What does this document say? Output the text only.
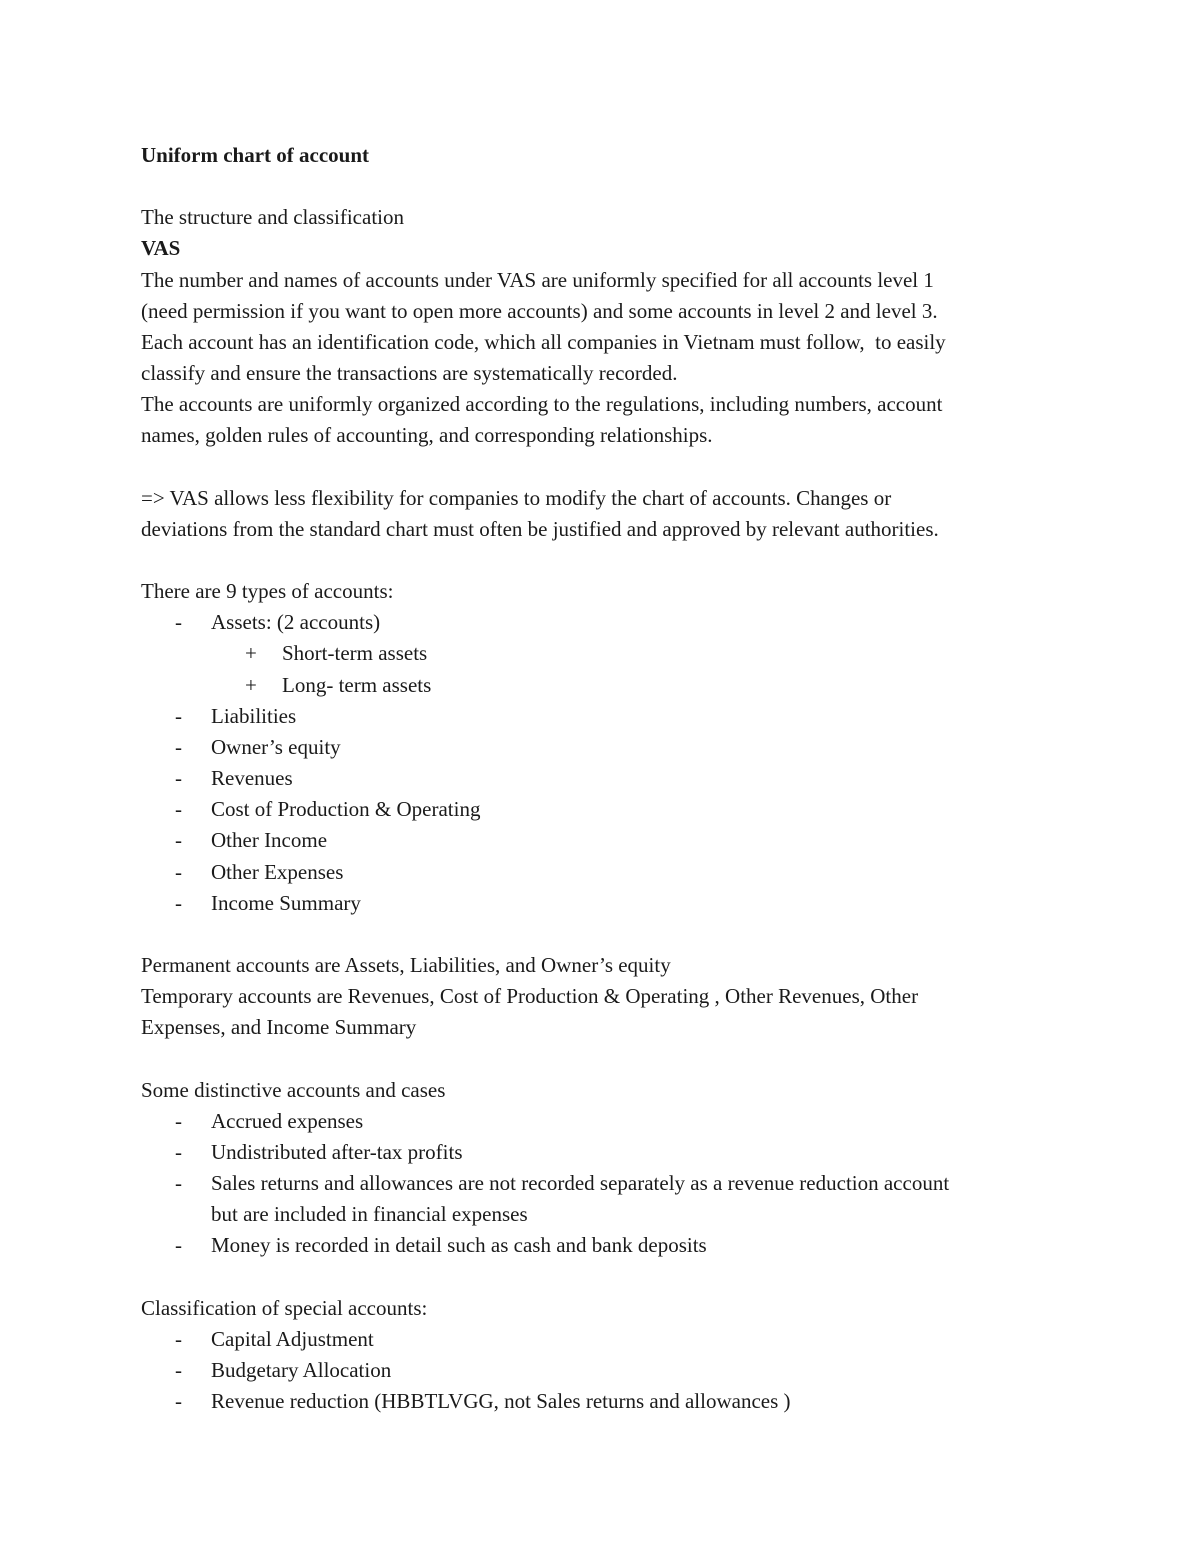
Uniform chart of account
The structure and classification
VAS
The number and names of accounts under VAS are uniformly specified for all accounts level 1
(need permission if you want to open more accounts) and some accounts in level 2 and level 3.
Each account has an identification code, which all companies in Vietnam must follow,  to easily
classify and ensure the transactions are systematically recorded.
The accounts are uniformly organized according to the regulations, including numbers, account
names, golden rules of accounting, and corresponding relationships.
=> VAS allows less flexibility for companies to modify the chart of accounts. Changes or
deviations from the standard chart must often be justified and approved by relevant authorities.
There are 9 types of accounts:
- Assets: (2 accounts)
+ Short-term assets
+ Long- term assets
- Liabilities
- Owner’s equity
- Revenues
- Cost of Production & Operating
- Other Income
- Other Expenses
- Income Summary
Permanent accounts are Assets, Liabilities, and Owner’s equity
Temporary accounts are Revenues, Cost of Production & Operating , Other Revenues, Other
Expenses, and Income Summary
Some distinctive accounts and cases
- Accrued expenses
- Undistributed after-tax profits
- Sales returns and allowances are not recorded separately as a revenue reduction account
but are included in financial expenses
- Money is recorded in detail such as cash and bank deposits
Classification of special accounts:
- Capital Adjustment
- Budgetary Allocation
- Revenue reduction (HBBTLVGG, not Sales returns and allowances )
